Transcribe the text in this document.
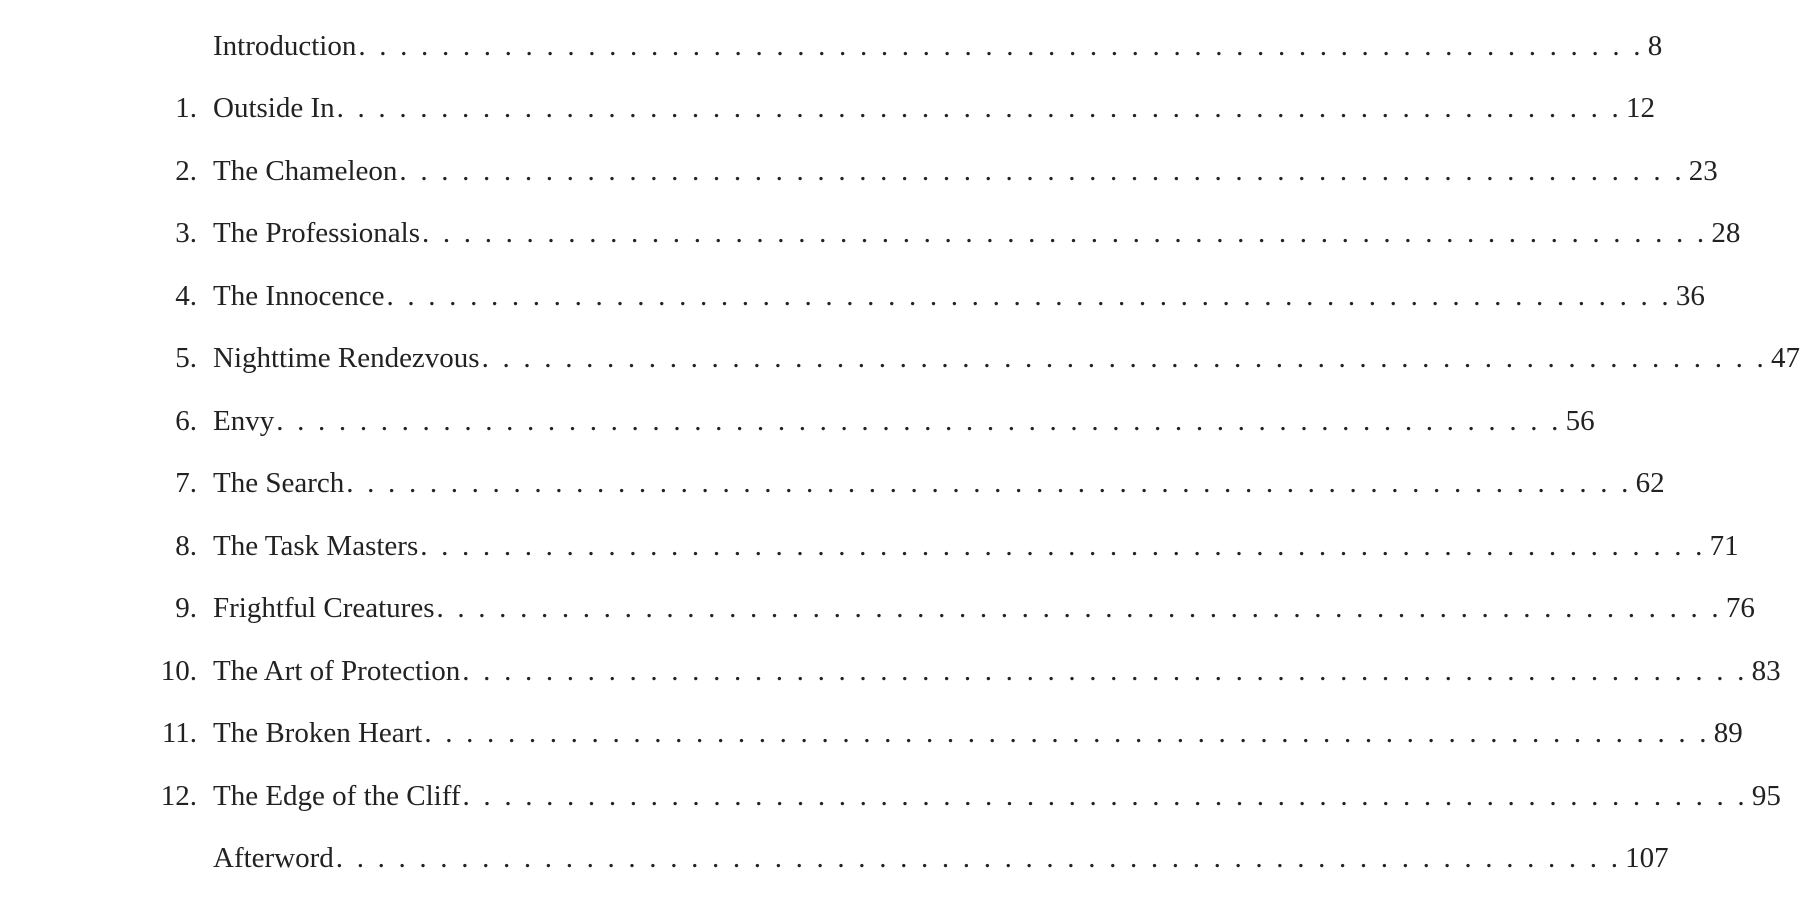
Introduction . . . . . . . . . . . . . . . . . . . . . . . . . . . . . . . . . . . . . . . . . . . . . . . . . . . . . . . . . . . . . . 8
1. Outside In . . . . . . . . . . . . . . . . . . . . . . . . . . . . . . . . . . . . . . . . . . . . . . . . . . . . . . . . . . . . . . 12
2. The Chameleon . . . . . . . . . . . . . . . . . . . . . . . . . . . . . . . . . . . . . . . . . . . . . . . . . . . . . . . . . . . . . . 23
3. The Professionals . . . . . . . . . . . . . . . . . . . . . . . . . . . . . . . . . . . . . . . . . . . . . . . . . . . . . . . . . . . . . . 28
4. The Innocence . . . . . . . . . . . . . . . . . . . . . . . . . . . . . . . . . . . . . . . . . . . . . . . . . . . . . . . . . . . . . . 36
5. Nighttime Rendezvous . . . . . . . . . . . . . . . . . . . . . . . . . . . . . . . . . . . . . . . . . . . . . . . . . . . . . . . . . . . . . . 47
6. Envy . . . . . . . . . . . . . . . . . . . . . . . . . . . . . . . . . . . . . . . . . . . . . . . . . . . . . . . . . . . . . . 56
7. The Search . . . . . . . . . . . . . . . . . . . . . . . . . . . . . . . . . . . . . . . . . . . . . . . . . . . . . . . . . . . . . . 62
8. The Task Masters . . . . . . . . . . . . . . . . . . . . . . . . . . . . . . . . . . . . . . . . . . . . . . . . . . . . . . . . . . . . . . 71
9. Frightful Creatures . . . . . . . . . . . . . . . . . . . . . . . . . . . . . . . . . . . . . . . . . . . . . . . . . . . . . . . . . . . . . . 76
10. The Art of Protection . . . . . . . . . . . . . . . . . . . . . . . . . . . . . . . . . . . . . . . . . . . . . . . . . . . . . . . . . . . . . . 83
11. The Broken Heart . . . . . . . . . . . . . . . . . . . . . . . . . . . . . . . . . . . . . . . . . . . . . . . . . . . . . . . . . . . . . . 89
12. The Edge of the Cliff . . . . . . . . . . . . . . . . . . . . . . . . . . . . . . . . . . . . . . . . . . . . . . . . . . . . . . . . . . . . . . 95
Afterword . . . . . . . . . . . . . . . . . . . . . . . . . . . . . . . . . . . . . . . . . . . . . . . . . . . . . . . . . . . . . . 107
